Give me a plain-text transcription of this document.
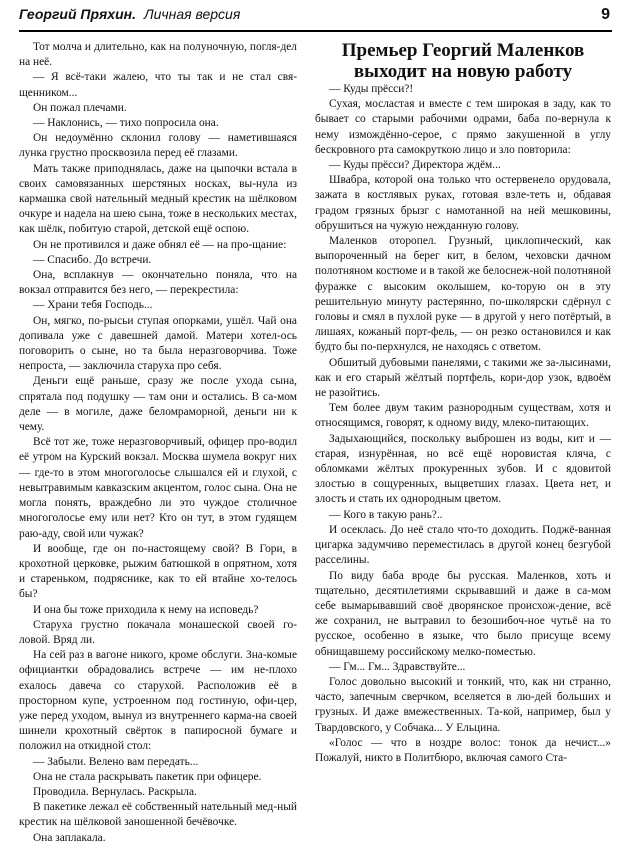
Георгий Пряхин. Личная версия	9

Тот молча и длительно, как на полуночную, погля-дел на неё.

— Я всё-таки жалею, что ты так и не стал свя-щенником...

Он пожал плечами.

— Наклонись, — тихо попросила она.

Он недоумённо склонил голову — наметившаяся лунка грустно просквозила перед её глазами.

Мать также приподнялась, даже на цыпочки встала в своих самовязанных шерстяных носках, вы-нула из кармашка свой нательный медный крестик на шёлковом очкуре и надела на шею сына, тоже в нескольких местах, как шёлк, побитую старой, детской ещё оспою.

Он не противился и даже обнял её — на про-щание:

— Спасибо. До встречи.

Она, всплакнув — окончательно поняла, что на вокзал отправится без него, — перекрестила:

— Храни тебя Господь...

Он, мягко, по-рысьи ступая опорками, ушёл. Чай она допивала уже с давешней дамой. Матери хотел-ось поговорить о сыне, но та была неразговорчива. Тоже непроста, — заключила старуха про себя.

Деньги ещё раньше, сразу же после ухода сына, спрятала под подушку — там они и остались. В са-мом деле — в могиле, даже беломраморной, деньги ни к чему.

Всё тот же, тоже неразговорчивый, офицер про-водил её утром на Курский вокзал. Москва шумела вокруг них — где-то в этом многоголосье слышался ей и глухой, с невытравимым кавказским акцентом, голос сына. Она не могла понять, враждебно ли это чуждое столичное многоголосье ему или нет? Кто он тут, в этом гудящем раю-аду, свой или чужак?

И вообще, где он по-настоящему свой? В Гори, в крохотной церковке, рыжим батюшкой в опрятном, хотя и стареньком, подряснике, как то ей втайне хо-телось бы?

И она бы тоже приходила к нему на исповедь?

Старуха грустно покачала монашеской своей го-ловой. Вряд ли.

На сей раз в вагоне никого, кроме обслуги. Зна-комые официантки обрадовались встрече — им не-плохо ехалось давеча со старухой. Расположив её в просторном купе, устроенном под гостиную, офи-цер, уже перед уходом, вынул из внутреннего карма-на своей шинели крохотный свёрток в папиросной бумаге и положил на откидной стол:

— Забыли. Велено вам передать...

Она не стала раскрывать пакетик при офицере.

Проводила. Вернулась. Раскрыла.

В пакетике лежал её собственный нательный мед-ный крестик на шёлковой заношенной бечёвочке.

Она заплакала.

Премьер Георгий Маленков выходит на новую работу

— Куды прёсси?!

Сухая, мосластая и вместе с тем широкая в заду, как то бывает со старыми рабочими одрами, баба по-вернула к нему измождённо-серое, с прямо закушенной в углу бескровного рта самокруткою лицо и зло повторила:

— Куды прёсси? Директора ждём...

Швабра, которой она только что остервенело орудовала, зажата в костлявых руках, готовая взле-теть и, обдавая градом грязных брызг с намотанной на ней мешковины, обрушиться на чужую нежданную голову.

Маленков оторопел. Грузный, циклопический, как выпороченный на берег кит, в белом, чеховски дачном полотняном костюме и в такой же белоснеж-ной полотняной фуражке с высоким околышем, ко-торую он в эту решительную минуту растерянно, по-школярски сдёрнул с головы и смял в пухлой руке — в другой у него потёртый, в лишаях, кожаный порт-фель, — он резко остановился и как будто бы по-перхнулся, не находясь с ответом.

Обшитый дубовыми панелями, с такими же за-лысинами, как и его старый жёлтый портфель, кори-дор узок, вдвоём не разойтись.

Тем более двум таким разнородным существам, хотя и относящимся, говорят, к одному виду, млеко-питающих.

Задыхающийся, поскольку выброшен из воды, кит и — старая, изнурённая, но всё ещё норовистая кляча, с обломками жёлтых прокуренных зубов. И с ядовитой злостью в сощуренных, выцветших глазах. Цвета нет, и злость и стать их однородным цветом.

— Кого в такую рань?..

И осеклась. До неё стало что-то доходить. Поджё-ванная цигарка задумчиво переместилась в другой конец безгубой расселины.

По виду баба вроде бы русская. Маленков, хоть и тщательно, десятилетиями скрывавший и даже в са-мом себе вымарывавший своё дворянское происхож-дение, всё же сохранил, не вытравил to безошибоч-ное чутьё на то русское, особенно в языке, что было присуще всему обнищавшему российскому мелко-поместью.

— Гм... Гм... Здравствуйте...

Голос довольно высокий и тонкий, что, как ни странно, часто, запечным сверчком, вселяется в лю-дей больших и грузных. И даже вмежественных. Та-кой, например, был у Твардовского, у Собчака... У Ельцина.

«Голос — что в ноздре волос: тонок да нечист...» Пожалуй, никто в Политбюро, включая самого Ста-
